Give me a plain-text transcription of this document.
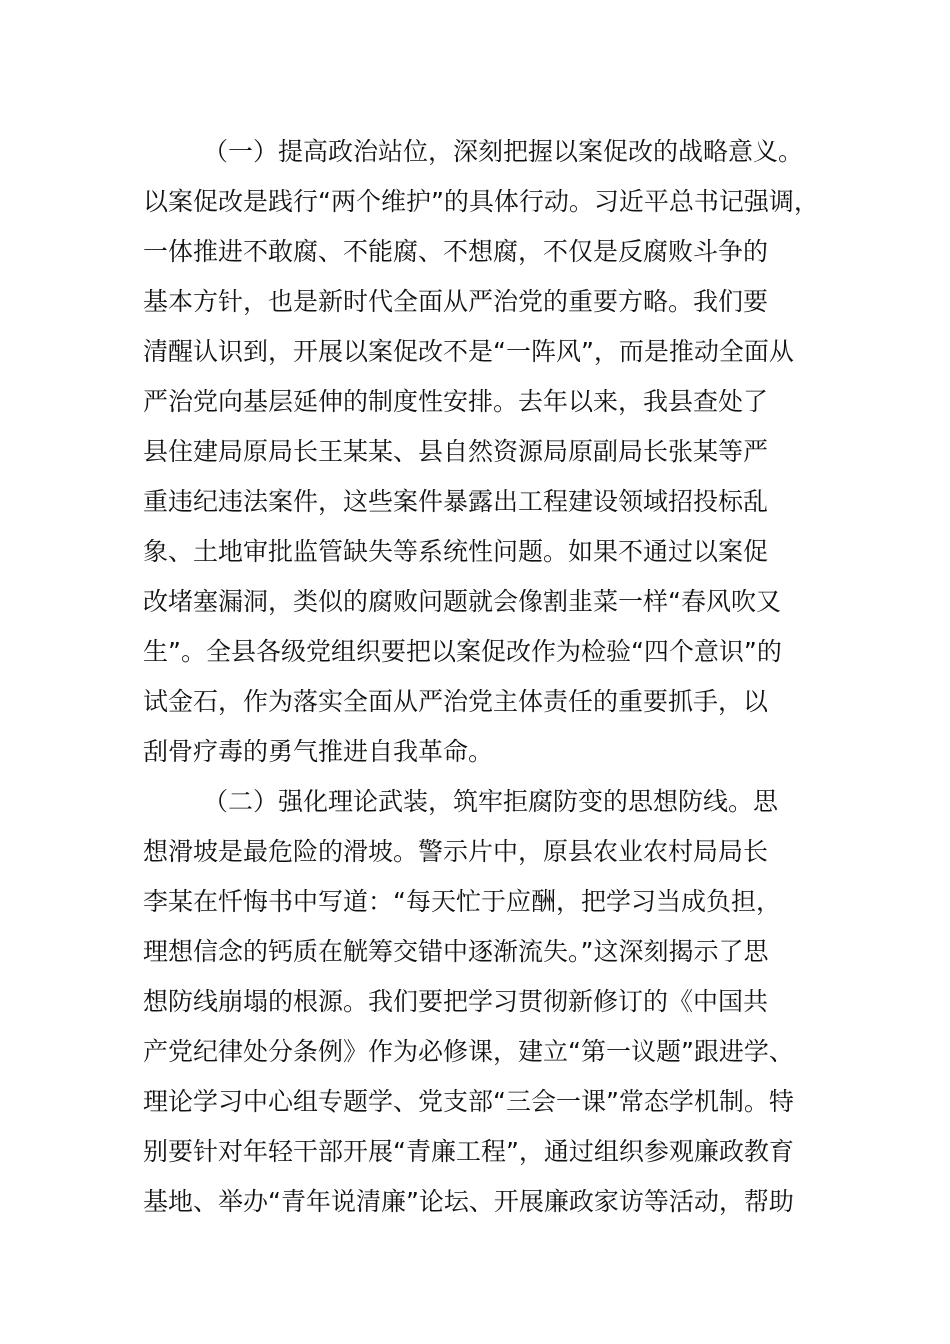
（一）提高政治站位，深刻把握以案促改的战略意义。
以案促改是践行“两个维护”的具体行动。习近平总书记强调，
一体推进不敢腐、不能腐、不想腐，不仅是反腐败斗争的
基本方针，也是新时代全面从严治党的重要方略。我们要
清醒认识到，开展以案促改不是“一阵风”，而是推动全面从
严治党向基层延伸的制度性安排。去年以来，我县查处了
县住建局原局长王某某、县自然资源局原副局长张某等严
重违纪违法案件，这些案件暴露出工程建设领域招投标乱
象、土地审批监管缺失等系统性问题。如果不通过以案促
改堵塞漏洞，类似的腐败问题就会像割韭菜一样“春风吹又
生”。全县各级党组织要把以案促改作为检验“四个意识”的
试金石，作为落实全面从严治党主体责任的重要抓手，以
刮骨疗毒的勇气推进自我革命。
（二）强化理论武装，筑牢拒腐防变的思想防线。思
想滑坡是最危险的滑坡。警示片中，原县农业农村局局长
李某在忏悔书中写道：“每天忙于应酬，把学习当成负担，
理想信念的钙质在觥筹交错中逐渐流失。”这深刻揭示了思
想防线崩塌的根源。我们要把学习贯彻新修订的《中国共
产党纪律处分条例》作为必修课，建立“第一议题”跟进学、
理论学习中心组专题学、党支部“三会一课”常态学机制。特
别要针对年轻干部开展“青廉工程”，通过组织参观廉政教育
基地、举办“青年说清廉”论坛、开展廉政家访等活动，帮助
